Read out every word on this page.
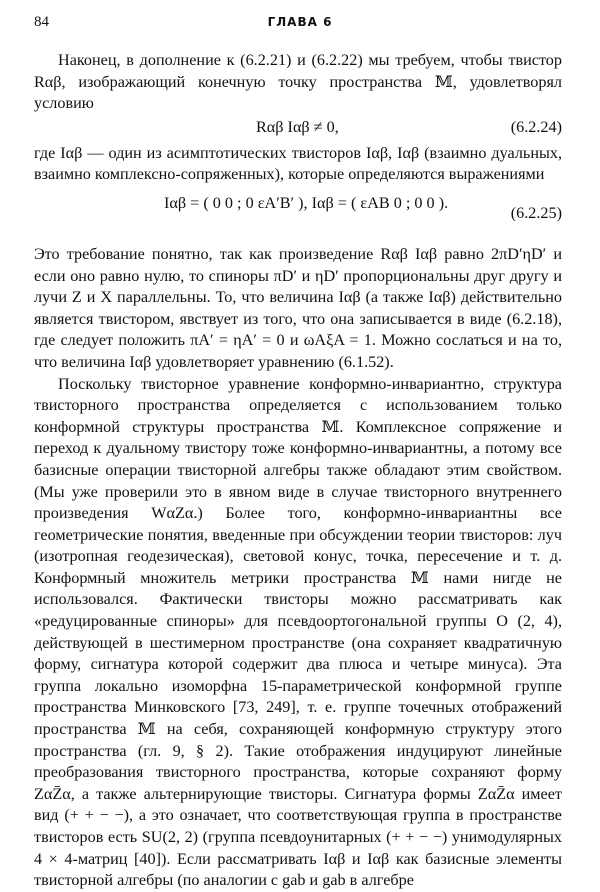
84	ГЛАВА 6

Наконец, в дополнение к (6.2.21) и (6.2.22) мы требуем, чтобы твистор Rαβ, изображающий конечную точку пространства 𝕄, удовлетворял условию

Rαβ Iαβ ≠ 0,	(6.2.24)

где Iαβ — один из асимптотических твисторов Iαβ, Iαβ (взаимно дуальных, взаимно комплексно-сопряженных), которые определяются выражениями

Iαβ = ( 0 0 ; 0 εA′B′ ), Iαβ = ( εAB 0 ; 0 0 ).
(6.2.25)

Это требование понятно, так как произведение Rαβ Iαβ равно 2πD′ηD′ и если оно равно нулю, то спиноры πD′ и ηD′ пропорциональны друг другу и лучи Z и X параллельны. То, что величина Iαβ (а также Iαβ) действительно является твистором, явствует из того, что она записывается в виде (6.2.18), где следует положить πA′ = ηA′ = 0 и ωAξA = 1. Можно сослаться и на то, что величина Iαβ удовлетворяет уравнению (6.1.52).

Поскольку твисторное уравнение конформно-инвариантно, структура твисторного пространства определяется с использованием только конформной структуры пространства 𝕄. Комплексное сопряжение и переход к дуальному твистору тоже конформно-инвариантны, а потому все базисные операции твисторной алгебры также обладают этим свойством. (Мы уже проверили это в явном виде в случае твисторного внутреннего произведения WαZα.) Более того, конформно-инвариантны все геометрические понятия, введенные при обсуждении теории твисторов: луч (изотропная геодезическая), световой конус, точка, пересечение и т. д. Конформный множитель метрики пространства 𝕄 нами нигде не использовался. Фактически твисторы можно рассматривать как «редуцированные спиноры» для псевдоортогональной группы O (2, 4), действующей в шестимерном пространстве (она сохраняет квадратичную форму, сигнатура которой содержит два плюса и четыре минуса). Эта группа локально изоморфна 15-параметрической конформной группе пространства Минковского [73, 249], т. е. группе точечных отображений пространства 𝕄 на себя, сохраняющей конформную структуру этого пространства (гл. 9, § 2). Такие отображения индуцируют линейные преобразования твисторного пространства, которые сохраняют форму ZαZ̄α, а также альтернирующие твисторы. Сигнатура формы ZαZ̄α имеет вид (+ + − −), а это означает, что соответствующая группа в пространстве твисторов есть SU(2, 2) (группа псевдоунитарных (+ + − −) унимодулярных 4 × 4-матриц [40]). Если рассматривать Iαβ и Iαβ как базисные элементы твисторной алгебры (по аналогии с gab и gab в алгебре
